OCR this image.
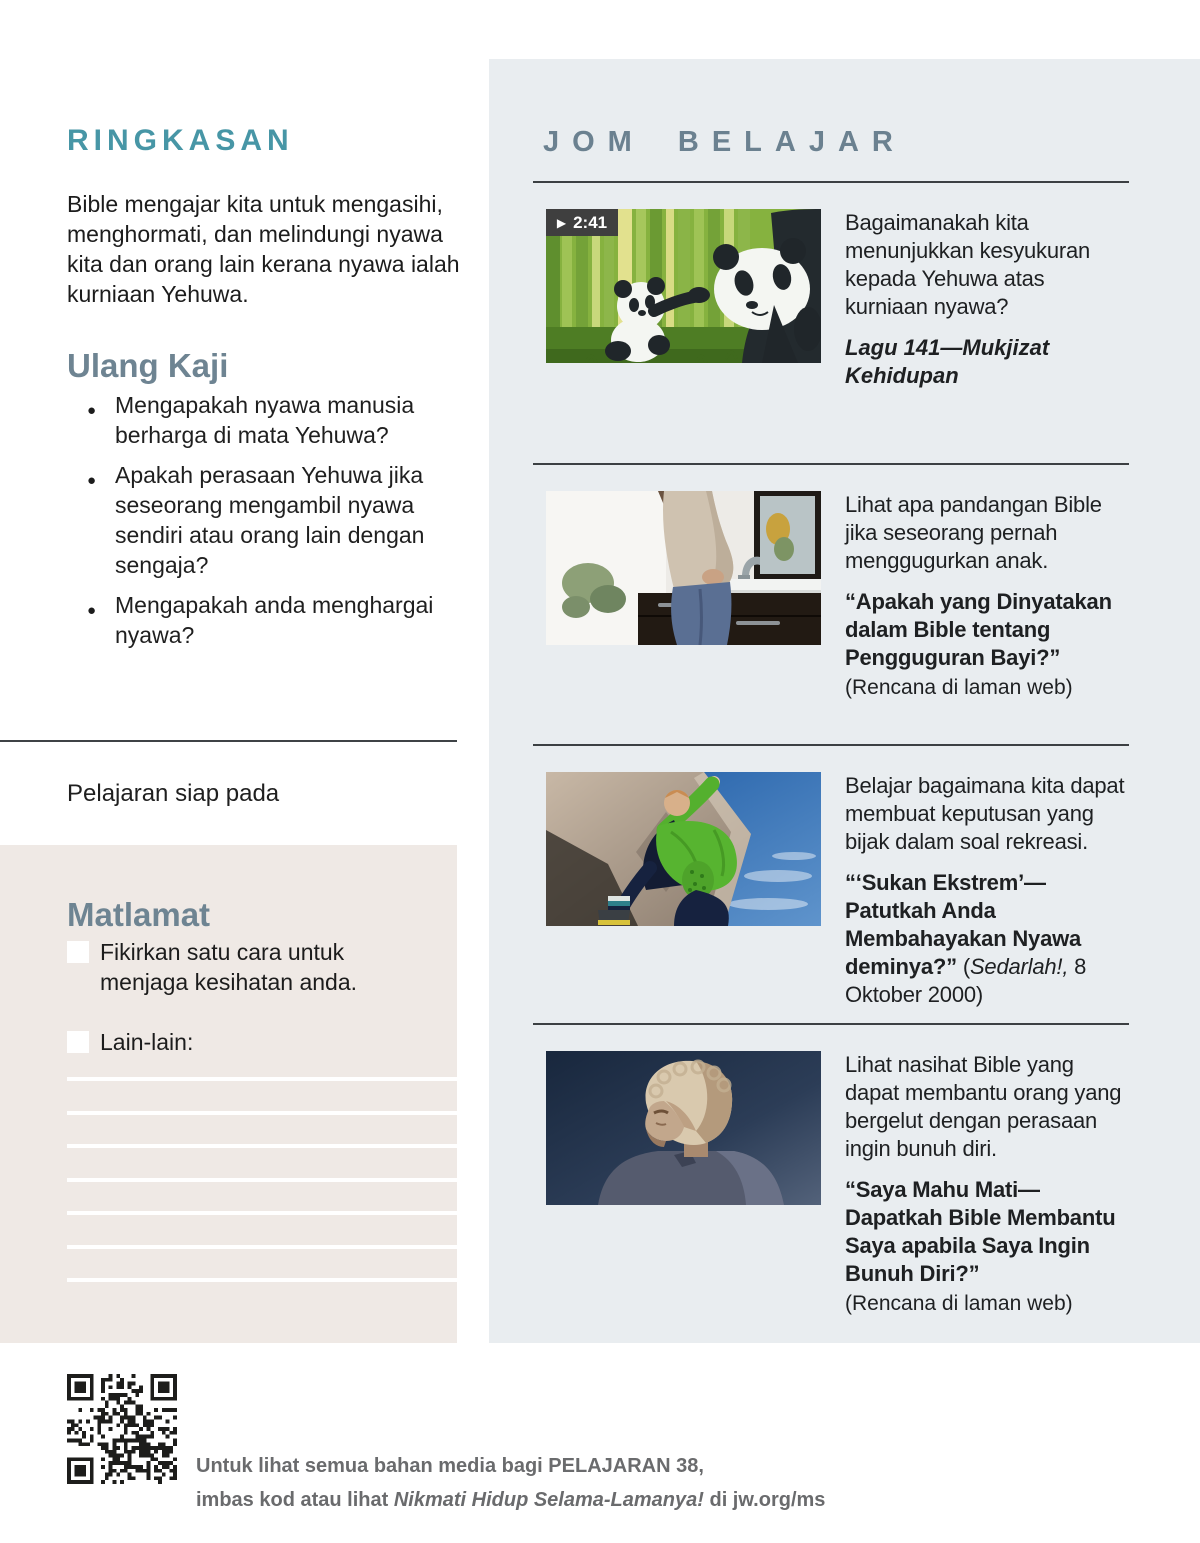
RINGKASAN

Bible mengajar kita untuk mengasihi, menghormati, dan melindungi nyawa kita dan orang lain kerana nyawa ialah kurniaan Yehuwa.

Ulang Kaji
● Mengapakah nyawa manusia berharga di mata Yehuwa?
● Apakah perasaan Yehuwa jika seseorang mengambil nyawa sendiri atau orang lain dengan sengaja?
● Mengapakah anda menghargai nyawa?

Pelajaran siap pada

Matlamat
Fikirkan satu cara untuk menjaga kesihatan anda.
Lain-lain:

Untuk lihat semua bahan media bagi PELAJARAN 38,
imbas kod atau lihat Nikmati Hidup Selama-Lamanya! di jw.org/ms

JOM BELAJAR
▶ 2:41	Bagaimanakah kita menunjukkan kesyukuran kepada Yehuwa atas kurniaan nyawa?

Lagu 141—Mukjizat Kehidupan

Lihat apa pandangan Bible jika seseorang pernah menggugurkan anak.

“Apakah yang Dinyatakan dalam Bible tentang Pengguguran Bayi?”

(Rencana di laman web)

Belajar bagaimana kita dapat membuat keputusan yang bijak dalam soal rekreasi.

“‘Sukan Ekstrem’—Patutkah Anda Membahayakan Nyawa deminya?” (Sedarlah!, 8 Oktober 2000)

Lihat nasihat Bible yang dapat membantu orang yang bergelut dengan perasaan ingin bunuh diri.

“Saya Mahu Mati—Dapatkah Bible Membantu Saya apabila Saya Ingin Bunuh Diri?”

(Rencana di laman web)
